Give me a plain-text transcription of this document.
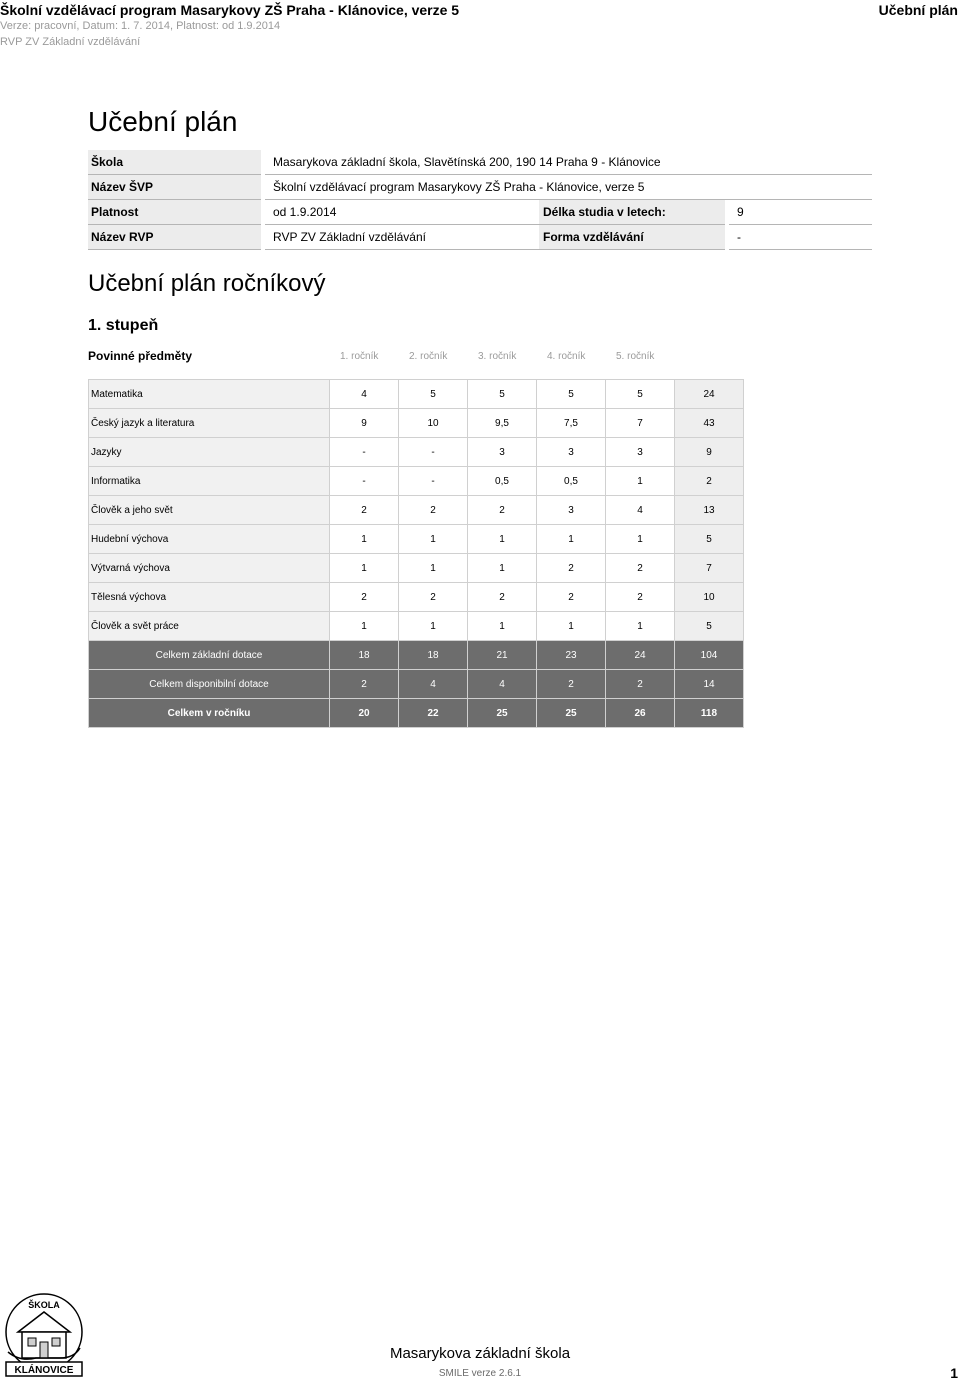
Školní vzdělávací program Masarykovy ZŠ Praha - Klánovice, verze 5
Verze: pracovní, Datum: 1. 7. 2014, Platnost: od 1.9.2014
RVP ZV Základní vzdělávání
Učební plán
Učební plán
Škola		Masarykova základní škola, Slavětínská 200, 190 14 Praha 9 - Klánovice			
Název ŠVP		Školní vzdělávací program Masarykovy ZŠ Praha - Klánovice, verze 5			
Platnost		od 1.9.2014	Délka studia v letech:		9
Název RVP		RVP ZV Základní vzdělávání	Forma vzdělávání		-
Učební plán ročníkový
1. stupeň
Povinné předměty	1. ročník	2. ročník	3. ročník	4. ročník	5. ročník
Matematika	4	5	5	5	5	24
Český jazyk a literatura	9	10	9,5	7,5	7	43
Jazyky	-	-	3	3	3	9
Informatika	-	-	0,5	0,5	1	2
Člověk a jeho svět	2	2	2	3	4	13
Hudební výchova	1	1	1	1	1	5
Výtvarná výchova	1	1	1	2	2	7
Tělesná výchova	2	2	2	2	2	10
Člověk a svět práce	1	1	1	1	1	5
Celkem základní dotace	18	18	21	23	24	104
Celkem disponibilní dotace	2	4	4	2	2	14
Celkem v ročníku	20	22	25	25	26	118
ŠKOLA
KLÁNOVICE
Masarykova základní škola
SMILE verze 2.6.1	1
